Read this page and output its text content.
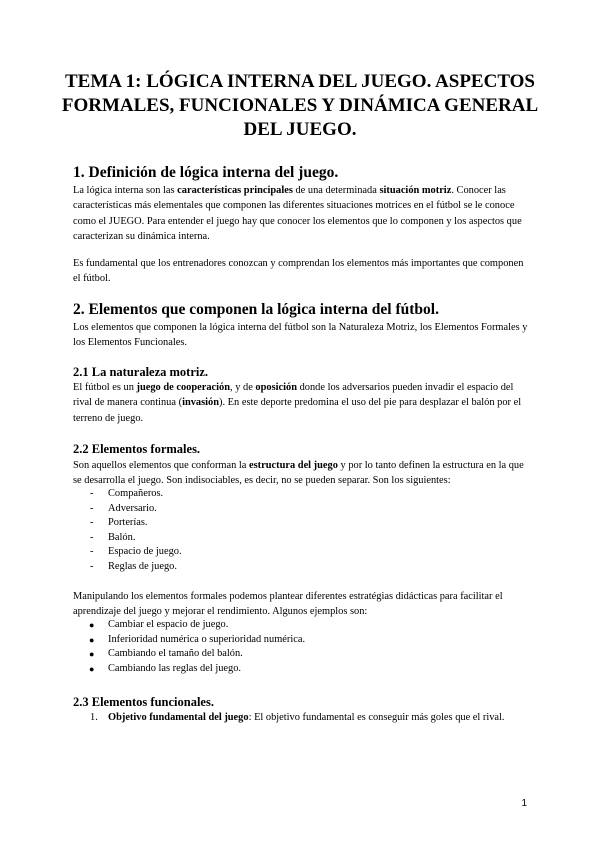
TEMA 1: LÓGICA INTERNA DEL JUEGO. ASPECTOS FORMALES, FUNCIONALES Y DINÁMICA GENERAL DEL JUEGO.
1. Definición de lógica interna del juego.

La lógica interna son las características principales de una determinada situación motriz. Conocer las características más elementales que componen las diferentes situaciones motrices en el fútbol se le conoce como el JUEGO. Para entender el juego hay que conocer los elementos que lo componen y los aspectos que caracterizan su dinámica interna.

Es fundamental que los entrenadores conozcan y comprendan los elementos más importantes que componen el fútbol.

2. Elementos que componen la lógica interna del fútbol.

Los elementos que componen la lógica interna del fútbol son la Naturaleza Motriz, los Elementos Formales y los Elementos Funcionales.

2.1 La naturaleza motriz.

El fútbol es un juego de cooperación, y de oposición donde los adversarios pueden invadir el espacio del rival de manera continua (invasión). En este deporte predomina el uso del pie para desplazar el balón por el terreno de juego.

2.2 Elementos formales.

Son aquellos elementos que conforman la estructura del juego y por lo tanto definen la estructura en la que se desarrolla el juego. Son indisociables, es decir, no se pueden separar. Son los siguientes:

- Compañeros.
- Adversario.
- Porterías.
- Balón.
- Espacio de juego.
- Reglas de juego.

Manipulando los elementos formales podemos plantear diferentes estratégias didácticas para facilitar el aprendizaje del juego y mejorar el rendimiento. Algunos ejemplos son:

● Cambiar el espacio de juego.
● Inferioridad numérica o superioridad numérica.
● Cambiando el tamaño del balón.
● Cambiando las reglas del juego.
2.3 Elementos funcionales.
1. Objetivo fundamental del juego: El objetivo fundamental es conseguir más goles que el rival.
1
